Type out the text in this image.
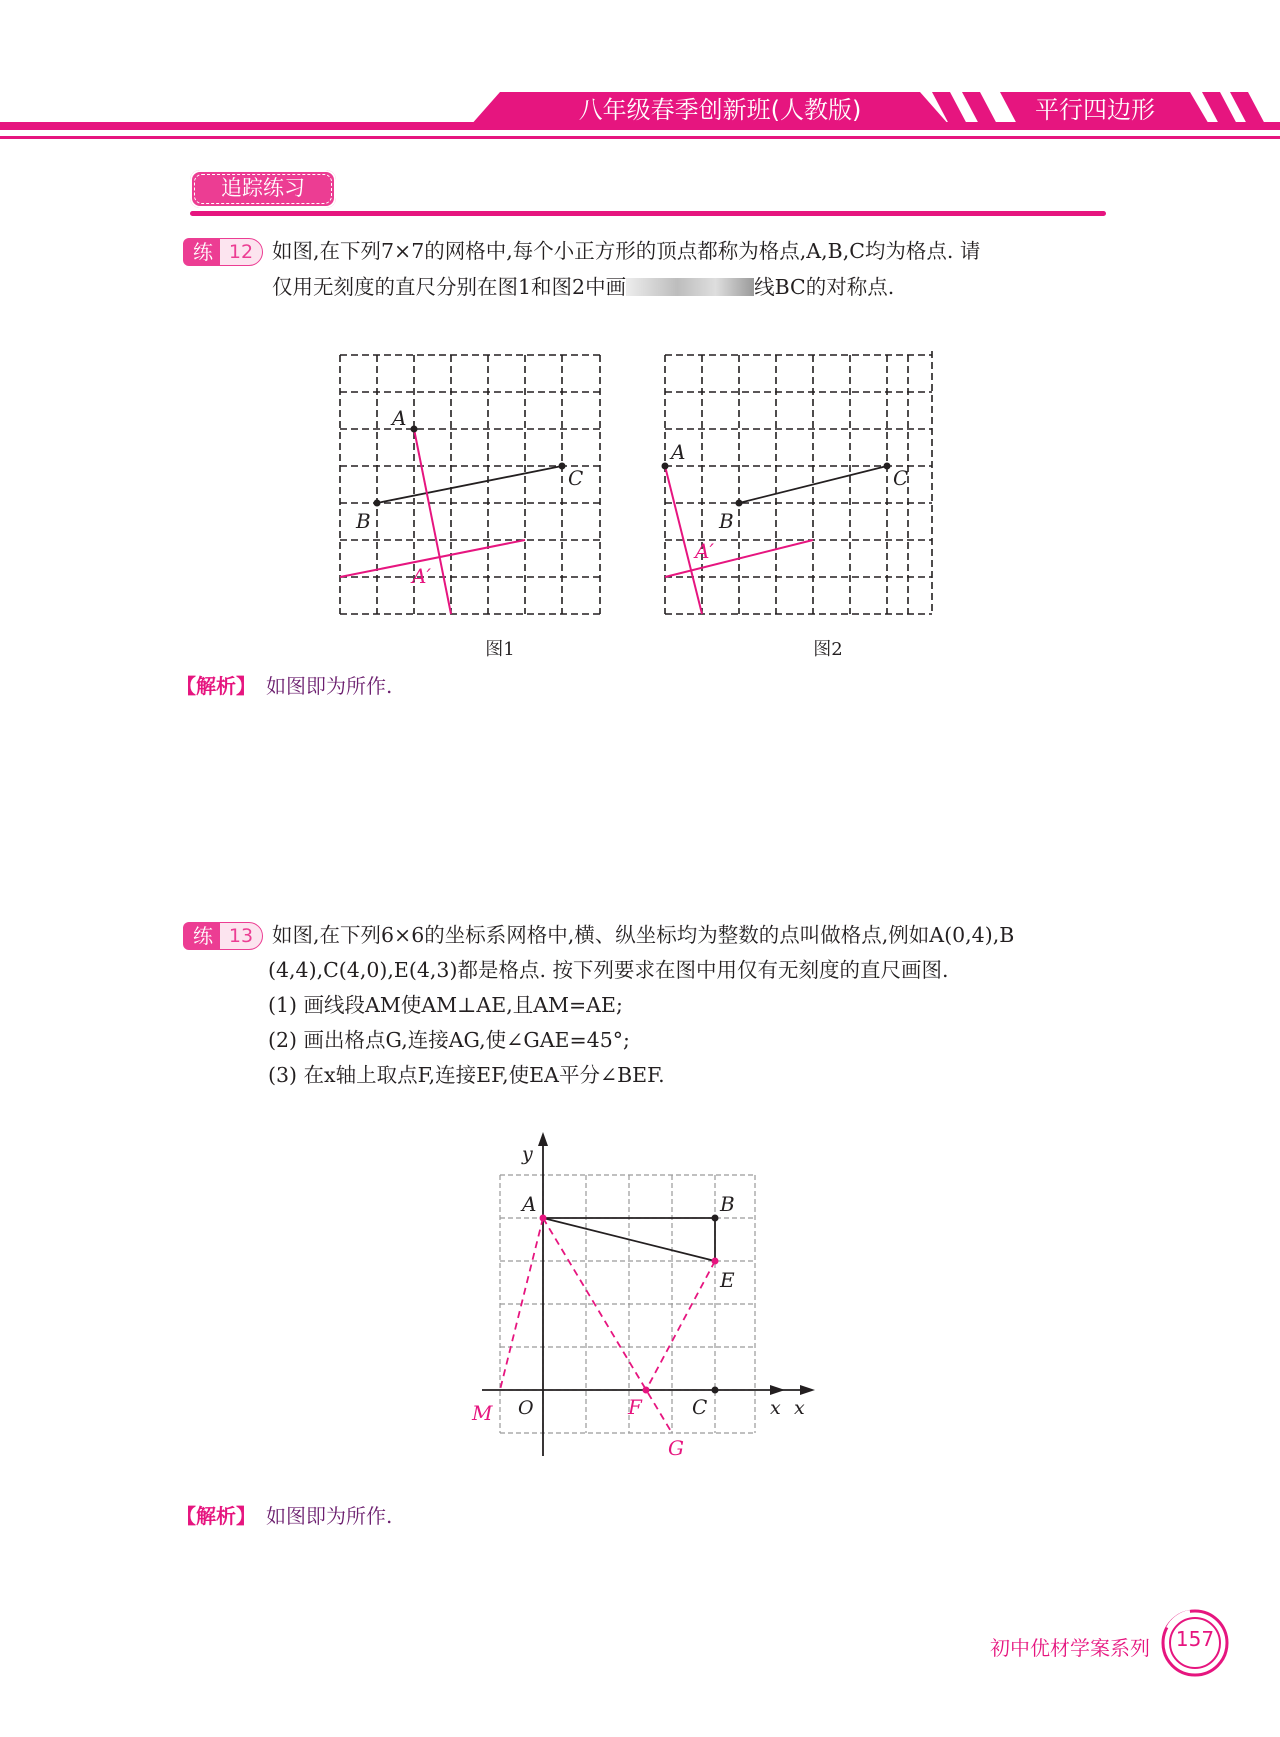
八年级春季创新班(人教版)	平行四边形
追踪练习
练 12 如图,在下列7×7的网格中,每个小正方形的顶点都称为格点,A,B,C均为格点. 请
仅用无刻度的直尺分别在图1和图2中画	线BC的对称点.
A
B
C
A′
图1
A
B
C
A′
图2
【解析】 如图即为所作.
练 13 如图,在下列6×6的坐标系网格中,横、纵坐标均为整数的点叫做格点,例如A(0,4),B
(4,4),C(4,0),E(4,3)都是格点. 按下列要求在图中用仅有无刻度的直尺画图.
(1) 画线段AM使AM⊥AE,且AM=AE;
(2) 画出格点G,连接AG,使∠GAE=45°;
(3) 在x轴上取点F,连接EF,使EA平分∠BEF.
y
x x
O
A	B
E
C
F
G
M
【解析】 如图即为所作.
初中优材学案系列	157
